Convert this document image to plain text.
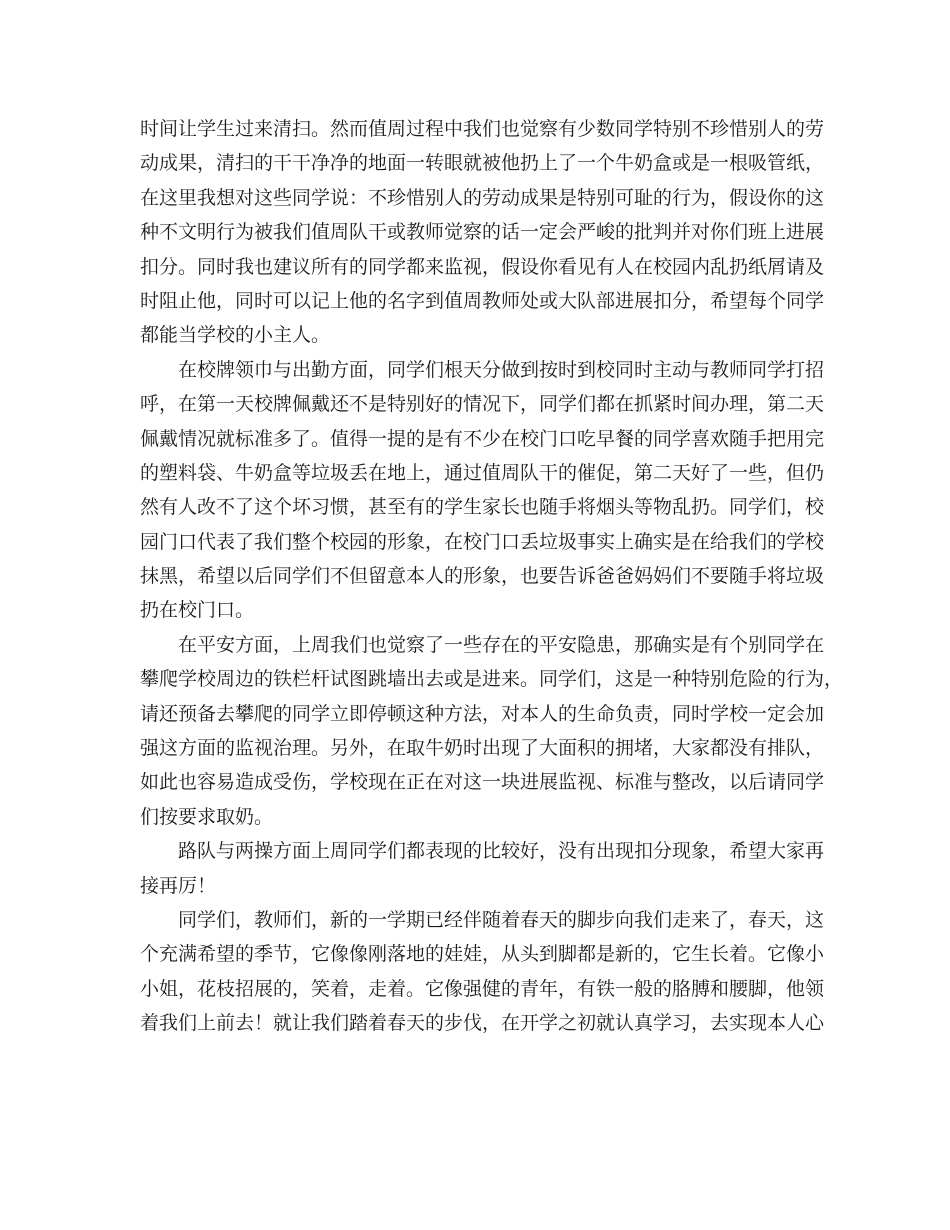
时间让学生过来清扫。然而值周过程中我们也觉察有少数同学特别不珍惜别人的劳
动成果，清扫的干干净净的地面一转眼就被他扔上了一个牛奶盒或是一根吸管纸，
在这里我想对这些同学说：不珍惜别人的劳动成果是特别可耻的行为，假设你的这
种不文明行为被我们值周队干或教师觉察的话一定会严峻的批判并对你们班上进展
扣分。同时我也建议所有的同学都来监视，假设你看见有人在校园内乱扔纸屑请及
时阻止他，同时可以记上他的名字到值周教师处或大队部进展扣分，希望每个同学
都能当学校的小主人。
在校牌领巾与出勤方面，同学们根天分做到按时到校同时主动与教师同学打招
呼，在第一天校牌佩戴还不是特别好的情况下，同学们都在抓紧时间办理，第二天
佩戴情况就标准多了。值得一提的是有不少在校门口吃早餐的同学喜欢随手把用完
的塑料袋、牛奶盒等垃圾丢在地上，通过值周队干的催促，第二天好了一些，但仍
然有人改不了这个坏习惯，甚至有的学生家长也随手将烟头等物乱扔。同学们，校
园门口代表了我们整个校园的形象，在校门口丢垃圾事实上确实是在给我们的学校
抹黑，希望以后同学们不但留意本人的形象，也要告诉爸爸妈妈们不要随手将垃圾
扔在校门口。
在平安方面，上周我们也觉察了一些存在的平安隐患，那确实是有个别同学在
攀爬学校周边的铁栏杆试图跳墙出去或是进来。同学们，这是一种特别危险的行为，
请还预备去攀爬的同学立即停顿这种方法，对本人的生命负责，同时学校一定会加
强这方面的监视治理。另外，在取牛奶时出现了大面积的拥堵，大家都没有排队，
如此也容易造成受伤，学校现在正在对这一块进展监视、标准与整改，以后请同学
们按要求取奶。
路队与两操方面上周同学们都表现的比较好，没有出现扣分现象，希望大家再
接再厉！
同学们，教师们，新的一学期已经伴随着春天的脚步向我们走来了，春天，这
个充满希望的季节，它像像刚落地的娃娃，从头到脚都是新的，它生长着。它像小
小姐，花枝招展的，笑着，走着。它像强健的青年，有铁一般的胳膊和腰脚，他领
着我们上前去！就让我们踏着春天的步伐，在开学之初就认真学习，去实现本人心
